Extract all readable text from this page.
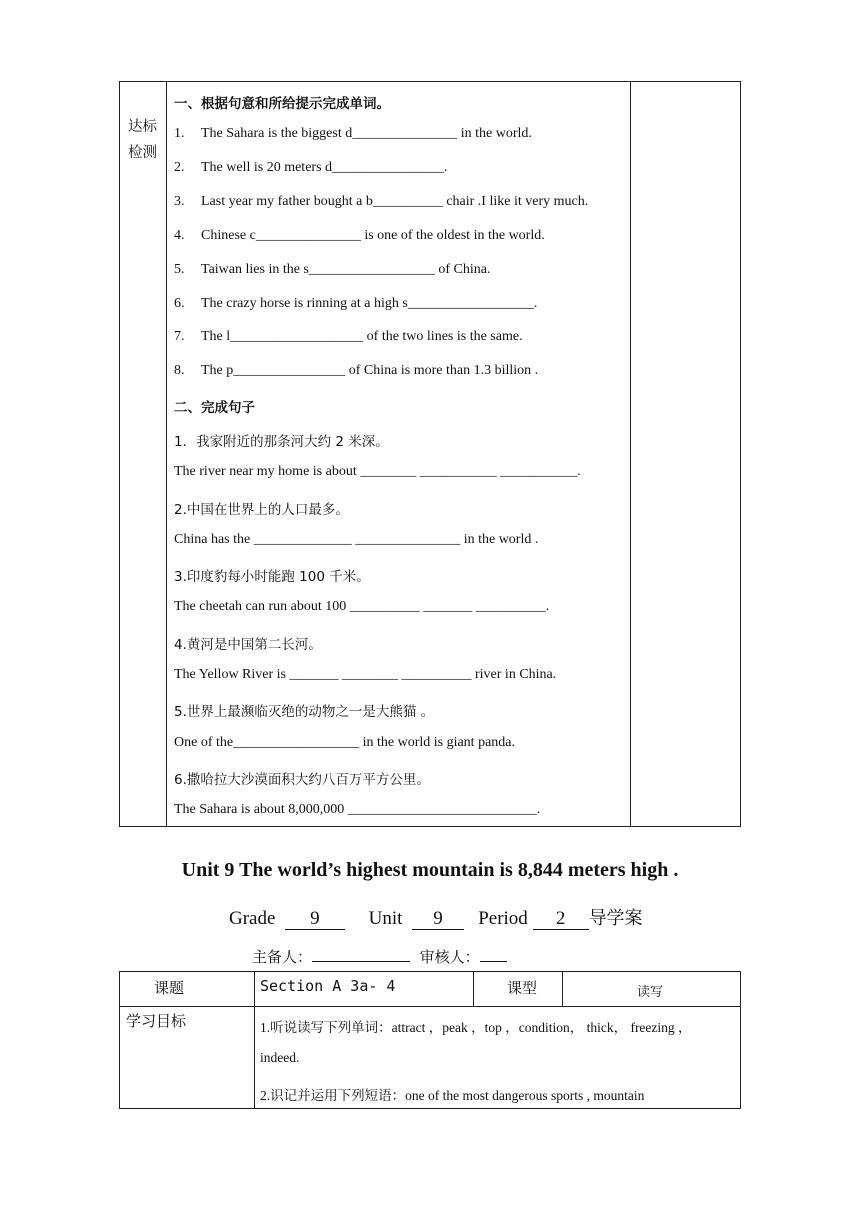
达标
检测
一、根据句意和所给提示完成单词。
1. The Sahara is the biggest d_______________ in the world.
2. The well is 20 meters d________________.
3. Last year my father bought a b__________ chair .I like it very much.
4. Chinese c_______________ is one of the oldest in the world.
5. Taiwan lies in the s__________________ of China.
6. The crazy horse is rinning at a high s__________________.
7. The l___________________ of the two lines is the same.
8. The p________________ of China is more than 1.3 billion .
二、完成句子
1．我家附近的那条河大约 2 米深。
The river near my home is about ________ ___________ ___________.
2.中国在世界上的人口最多。
China has the ______________ _______________ in the world .
3.印度豹每小时能跑 100 千米。
The cheetah can run about 100 __________ _______ __________.
4.黄河是中国第二长河。
The Yellow River is _______ ________ __________ river in China.
5.世界上最濒临灭绝的动物之一是大熊猫 。
One of the__________________ in the world is giant panda.
6.撒哈拉大沙漠面积大约八百万平方公里。
The Sahara is about 8,000,000 ___________________________.
Unit 9 The world’s highest mountain is 8,844 meters high .
Grade 9	Unit 9 Period 2 导学案
主备人：	审核人：
课题	Section A 3a- 4	课型	读写
学习目标	1.听说读写下列单词：attract ，peak ，top ，condition， thick， freezing ，
indeed.
2.识记并运用下列短语：one of the most dangerous sports , mountain
